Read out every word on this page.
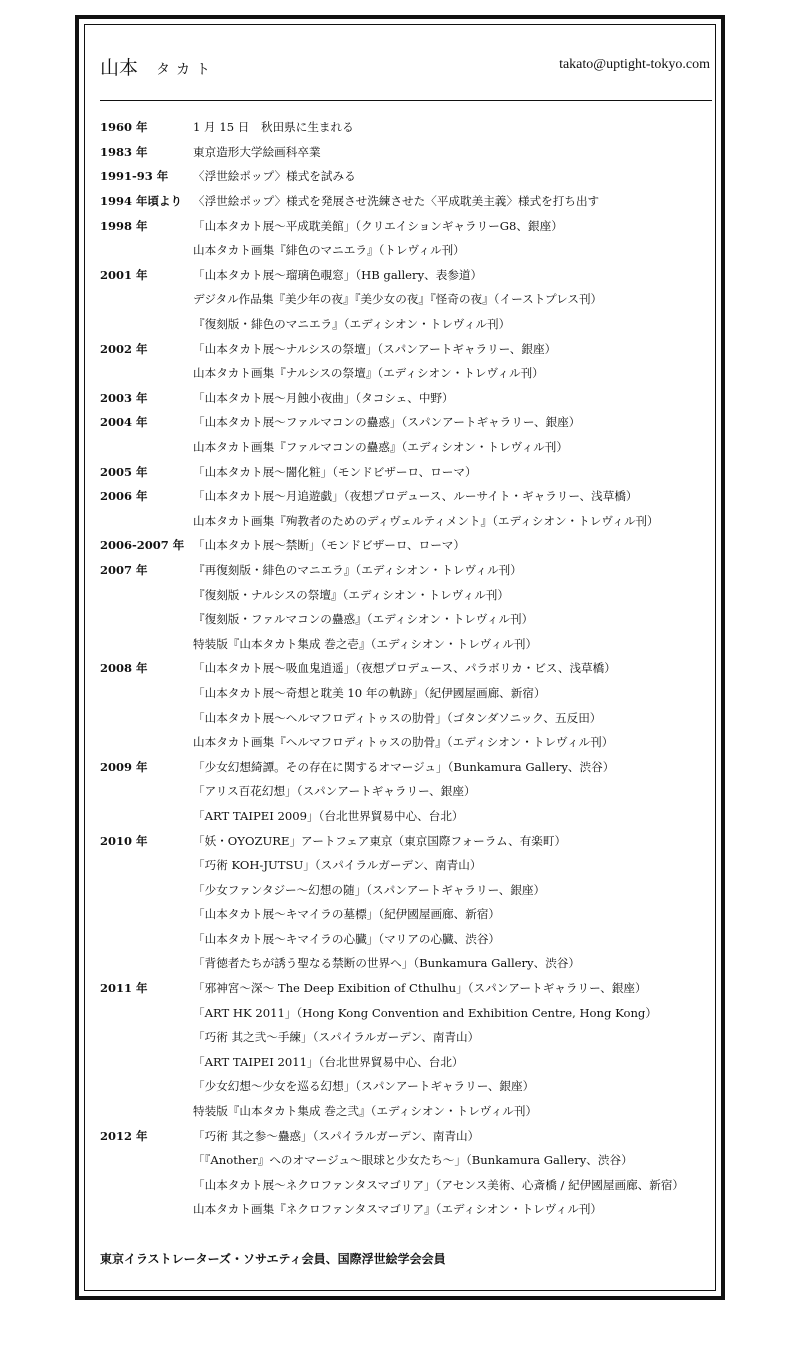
山本 タカト	takato@uptight-tokyo.com
1960 年	1 月 15 日　秋田県に生まれる
1983 年	東京造形大学絵画科卒業
1991-93 年	〈浮世絵ポップ〉様式を試みる
1994 年頃より 〈浮世絵ポップ〉様式を発展させ洗練させた〈平成耽美主義〉様式を打ち出す
1998 年	「山本タカト展〜平成耽美館」（クリエイションギャラリーG8、銀座）
山本タカト画集『緋色のマニエラ』（トレヴィル刊）
2001 年	「山本タカト展〜瑠璃色覗窓」（HB gallery、表参道）
デジタル作品集『美少年の夜』『美少女の夜』『怪奇の夜』（イーストプレス刊）
『復刻版・緋色のマニエラ』（エディシオン・トレヴィル刊）
2002 年	「山本タカト展〜ナルシスの祭壇」（スパンアートギャラリー、銀座）
山本タカト画集『ナルシスの祭壇』（エディシオン・トレヴィル刊）
2003 年	「山本タカト展〜月蝕小夜曲」（タコシェ、中野）
2004 年	「山本タカト展〜ファルマコンの蠱惑」（スパンアートギャラリー、銀座）
山本タカト画集『ファルマコンの蠱惑』（エディシオン・トレヴィル刊）
2005 年	「山本タカト展〜闇化粧」（モンドビザーロ、ローマ）
2006 年	「山本タカト展〜月追遊戯」（夜想プロデュース、ルーサイト・ギャラリー、浅草橋）
山本タカト画集『殉教者のためのディヴェルティメント』（エディシオン・トレヴィル刊）
2006-2007 年 「山本タカト展〜禁断」（モンドビザーロ、ローマ）
2007 年	『再復刻版・緋色のマニエラ』（エディシオン・トレヴィル刊）
『復刻版・ナルシスの祭壇』（エディシオン・トレヴィル刊）
『復刻版・ファルマコンの蠱惑』（エディシオン・トレヴィル刊）
特装版『山本タカト集成 巻之壱』（エディシオン・トレヴィル刊）
2008 年	「山本タカト展〜吸血鬼逍遥」（夜想プロデュース、パラボリカ・ビス、浅草橋）
「山本タカト展〜奇想と耽美 10 年の軌跡」（紀伊國屋画廊、新宿）
「山本タカト展〜ヘルマフロディトゥスの肋骨」（ゴタンダソニック、五反田）
山本タカト画集『ヘルマフロディトゥスの肋骨』（エディシオン・トレヴィル刊）
2009 年	「少女幻想綺譚。その存在に関するオマージュ」（Bunkamura Gallery、渋谷）
「アリス百花幻想」（スパンアートギャラリー、銀座）
「ART TAIPEI 2009」（台北世界貿易中心、台北）
2010 年	「妖・OYOZURE」アートフェア東京（東京国際フォーラム、有楽町）
「巧術 KOH-JUTSU」（スパイラルガーデン、南青山）
「少女ファンタジー〜幻想の随」（スパンアートギャラリー、銀座）
「山本タカト展〜キマイラの墓標」（紀伊國屋画廊、新宿）
「山本タカト展〜キマイラの心臓」（マリアの心臓、渋谷）
「背徳者たちが誘う聖なる禁断の世界へ」（Bunkamura Gallery、渋谷）
2011 年	「邪神宮〜深〜 The Deep Exibition of Cthulhu」（スパンアートギャラリー、銀座）
「ART HK 2011」（Hong Kong Convention and Exhibition Centre, Hong Kong）
「巧術 其之弐〜手練」（スパイラルガーデン、南青山）
「ART TAIPEI 2011」（台北世界貿易中心、台北）
「少女幻想〜少女を巡る幻想」（スパンアートギャラリー、銀座）
特装版『山本タカト集成 巻之弐』（エディシオン・トレヴィル刊）
2012 年	「巧術 其之参〜蠱惑」（スパイラルガーデン、南青山）
「『Another』へのオマージュ〜眼球と少女たち〜」（Bunkamura Gallery、渋谷）
「山本タカト展〜ネクロファンタスマゴリア」（アセンス美術、心斎橋 / 紀伊國屋画廊、新宿）
山本タカト画集『ネクロファンタスマゴリア』（エディシオン・トレヴィル刊）
東京イラストレーターズ・ソサエティ会員、国際浮世絵学会会員
